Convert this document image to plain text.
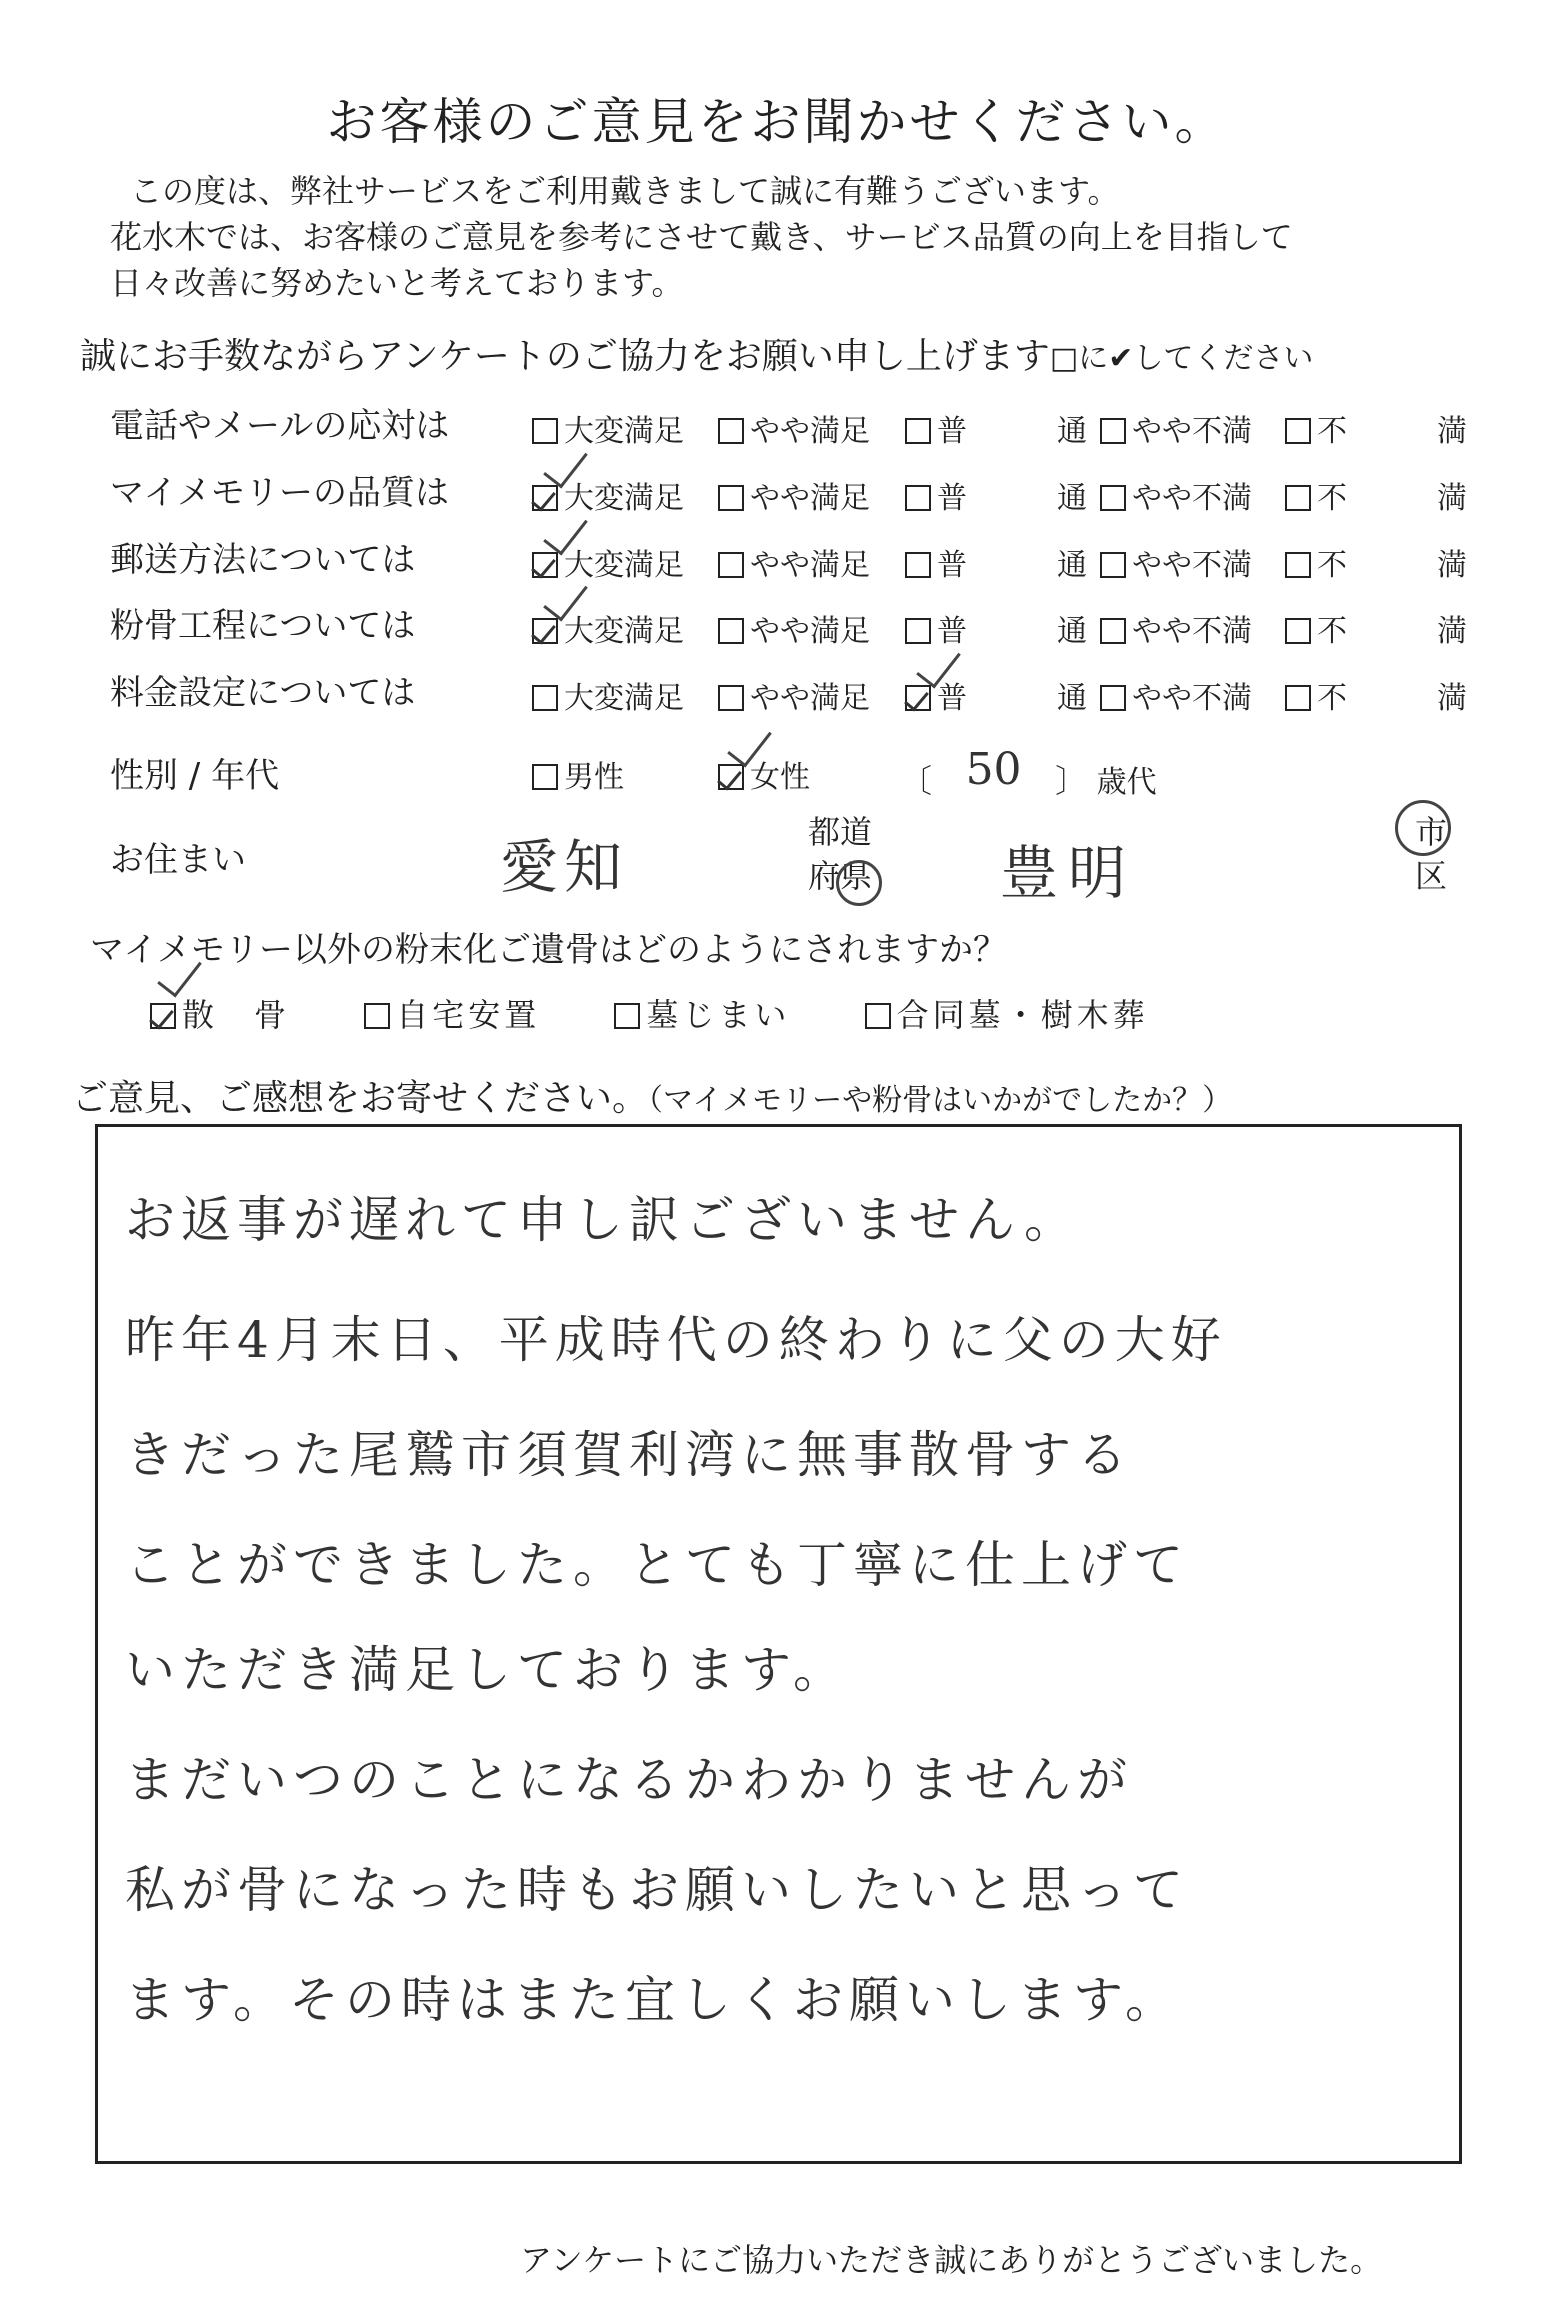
お客様のご意見をお聞かせください。
この度は、弊社サービスをご利用戴きまして誠に有難うございます。
花水木では、お客様のご意見を参考にさせて戴き、サービス品質の向上を目指して
日々改善に努めたいと考えております。
誠にお手数ながらアンケートのご協力をお願い申し上げます□に✔してください
電話やメールの応対は	大変満足	やや満足	普　　　通	やや不満	不　　　満
マイメモリーの品質は	大変満足	やや満足	普　　　通	やや不満	不　　　満
郵送方法については	大変満足	やや満足	普　　　通	やや不満	不　　　満
粉骨工程については	大変満足	やや満足	普　　　通	やや不満	不　　　満
料金設定については	大変満足	やや満足	普　　　通	やや不満	不　　　満
性別 / 年代	男性	女性	〔 50 〕 歳代
お住まい	愛知
都道
府県 豊明
市
区
マイメモリー以外の粉末化ご遺骨はどのようにされますか？
散　骨	自宅安置	墓じまい	合同墓・樹木葬
ご意見、ご感想をお寄せください。（マイメモリーや粉骨はいかがでしたか？）
お返事が遅れて申し訳ございません。
昨年4月末日、平成時代の終わりに父の大好
きだった尾鷲市須賀利湾に無事散骨する
ことができました。とても丁寧に仕上げて
いただき満足しております。
まだいつのことになるかわかりませんが
私が骨になった時もお願いしたいと思って
ます。その時はまた宜しくお願いします。
アンケートにご協力いただき誠にありがとうございました。
